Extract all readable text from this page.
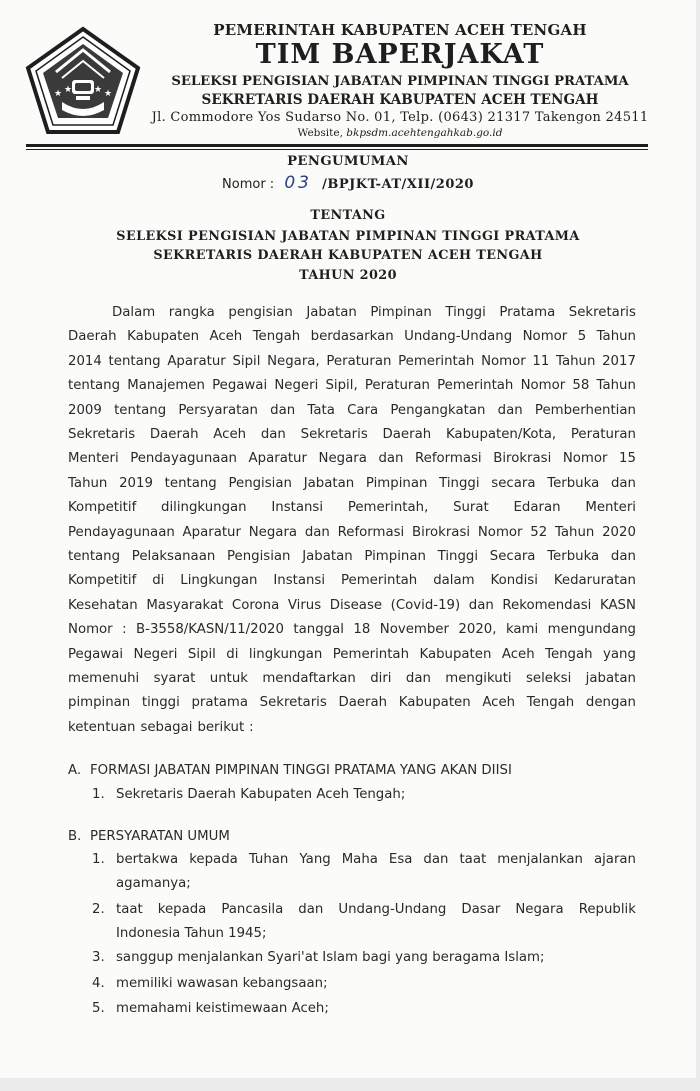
★ ★ ★ ★
PEMERINTAH KABUPATEN ACEH TENGAH
TIM BAPERJAKAT
SELEKSI PENGISIAN JABATAN PIMPINAN TINGGI PRATAMA
SEKRETARIS DAERAH KABUPATEN ACEH TENGAH
Jl. Commodore Yos Sudarso No. 01, Telp. (0643) 21317 Takengon 24511
Website, bkpsdm.acehtengahkab.go.id
PENGUMUMAN
Nomor : 03 /BPJKT-AT/XII/2020
TENTANG
SELEKSI PENGISIAN JABATAN PIMPINAN TINGGI PRATAMA
SEKRETARIS DAERAH KABUPATEN ACEH TENGAH
TAHUN 2020
Dalam rangka pengisian Jabatan Pimpinan Tinggi Pratama Sekretaris
Daerah Kabupaten Aceh Tengah berdasarkan Undang-Undang Nomor 5 Tahun
2014 tentang Aparatur Sipil Negara, Peraturan Pemerintah Nomor 11 Tahun 2017
tentang Manajemen Pegawai Negeri Sipil, Peraturan Pemerintah Nomor 58 Tahun
2009 tentang Persyaratan dan Tata Cara Pengangkatan dan Pemberhentian
Sekretaris Daerah Aceh dan Sekretaris Daerah Kabupaten/Kota, Peraturan
Menteri Pendayagunaan Aparatur Negara dan Reformasi Birokrasi Nomor 15
Tahun 2019 tentang Pengisian Jabatan Pimpinan Tinggi secara Terbuka dan
Kompetitif dilingkungan Instansi Pemerintah, Surat Edaran Menteri
Pendayagunaan Aparatur Negara dan Reformasi Birokrasi Nomor 52 Tahun 2020
tentang Pelaksanaan Pengisian Jabatan Pimpinan Tinggi Secara Terbuka dan
Kompetitif di Lingkungan Instansi Pemerintah dalam Kondisi Kedaruratan
Kesehatan Masyarakat Corona Virus Disease (Covid-19) dan Rekomendasi KASN
Nomor : B-3558/KASN/11/2020 tanggal 18 November 2020, kami mengundang
Pegawai Negeri Sipil di lingkungan Pemerintah Kabupaten Aceh Tengah yang
memenuhi syarat untuk mendaftarkan diri dan mengikuti seleksi jabatan
pimpinan tinggi pratama Sekretaris Daerah Kabupaten Aceh Tengah dengan
ketentuan sebagai berikut :
A. FORMASI JABATAN PIMPINAN TINGGI PRATAMA YANG AKAN DIISI
1. Sekretaris Daerah Kabupaten Aceh Tengah;
B. PERSYARATAN UMUM
1. bertakwa kepada Tuhan Yang Maha Esa dan taat menjalankan ajaran
agamanya;
2. taat kepada Pancasila dan Undang-Undang Dasar Negara Republik
Indonesia Tahun 1945;
3. sanggup menjalankan Syari'at Islam bagi yang beragama Islam;
4. memiliki wawasan kebangsaan;
5. memahami keistimewaan Aceh;
